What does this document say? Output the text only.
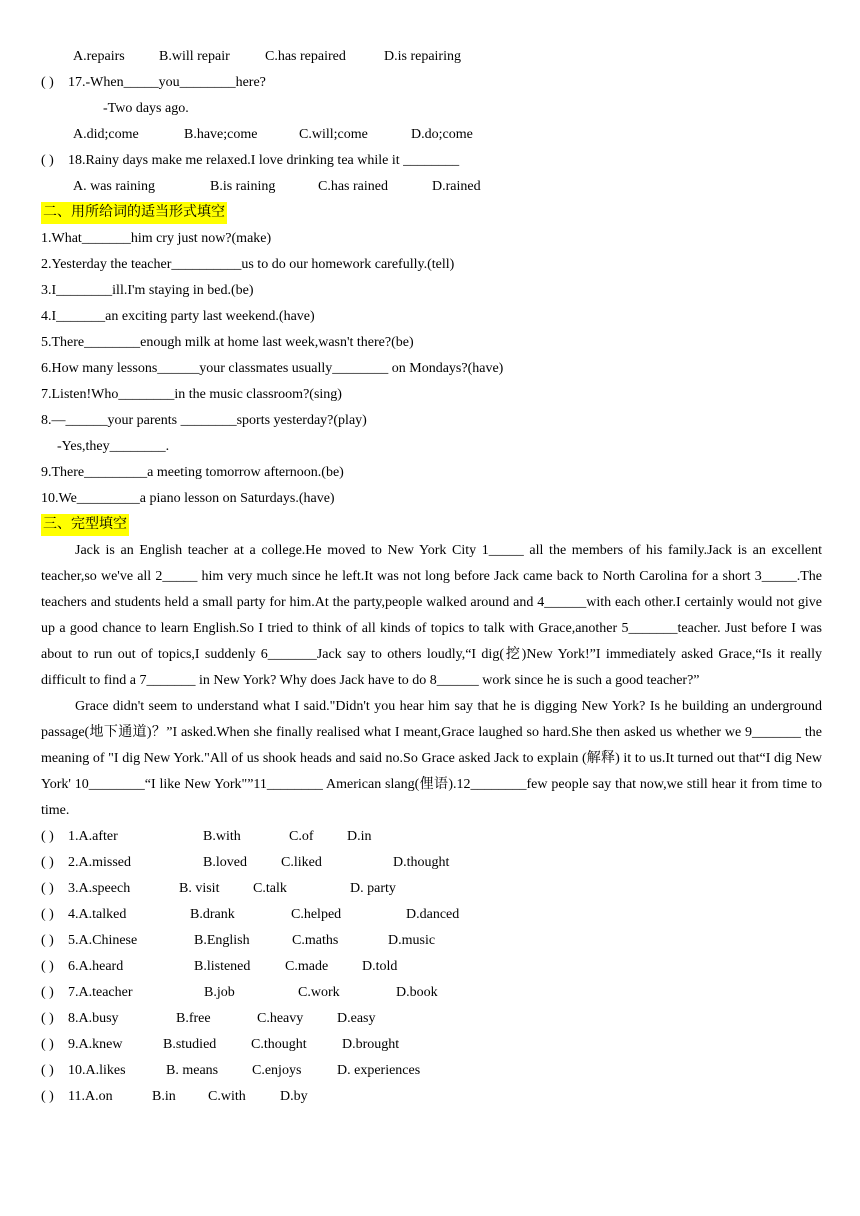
A.repairs B.will repair	C.has repaired	D.is repairing
( ) 17.-When_____you________here?
-Two days ago.
A.did;come	B.have;come	C.will;come	D.do;come
( ) 18.Rainy days make me relaxed.I love drinking tea while it ________
A. was raining	B.is raining	C.has rained	D.rained
二、用所给词的适当形式填空
1.What_______him cry just now?(make)
2.Yesterday the teacher__________us to do our homework carefully.(tell)
3.I________ill.I'm staying in bed.(be)
4.I_______an exciting party last weekend.(have)
5.There________enough milk at home last week,wasn't there?(be)
6.How many lessons______your classmates usually________ on Mondays?(have)
7.Listen!Who________in the music classroom?(sing)
8.—______your parents ________sports yesterday?(play)
-Yes,they________.
9.There_________a meeting tomorrow afternoon.(be)
10.We_________a piano lesson on Saturdays.(have)
三、完型填空

Jack is an English teacher at a college.He moved to New York City 1_____ all the members of his family.Jack is an excellent teacher,so we've all 2_____ him very much since he left.It was not long before Jack came back to North Carolina for a short 3_____.The teachers and students held a small party for him.At the party,people walked around and 4______with each other.I certainly would not give up a good chance to learn English.So I tried to think of all kinds of topics to talk with Grace,another 5_______teacher. Just before I was about to run out of topics,I suddenly 6_______Jack say to others loudly,“I dig(挖)New York!”I immediately asked Grace,“Is it really difficult to find a 7_______ in New York? Why does Jack have to do 8______ work since he is such a good teacher?”

Grace didn't seem to understand what I said."Didn't you hear him say that he is digging New York? Is he building an underground passage(地下通道)？”I asked.When she finally realised what I meant,Grace laughed so hard.She then asked us whether we 9_______ the meaning of "I dig New York."All of us shook heads and said no.So Grace asked Jack to explain (解释) it to us.It turned out that“I dig New York' 10________“I like New York"”11________ American slang(俚语).12________few people say that now,we still hear it from time to time.

( ) 1.A.after	B.with	C.of D.in
( ) 2.A.missed	B.loved C.liked	D.thought
( ) 3.A.speech	B. visit C.talk	D. party
( ) 4.A.talked	B.drank	C.helped	D.danced
( ) 5.A.Chinese	B.English	C.maths	D.music
( ) 6.A.heard	B.listened C.made D.told
( ) 7.A.teacher	B.job	C.work	D.book
( ) 8.A.busy	B.free	C.heavy D.easy
( ) 9.A.knew	B.studied C.thought	D.brought
( ) 10.A.likes	B. means C.enjoys	D. experiences
( ) 11.A.on	B.in C.with D.by
